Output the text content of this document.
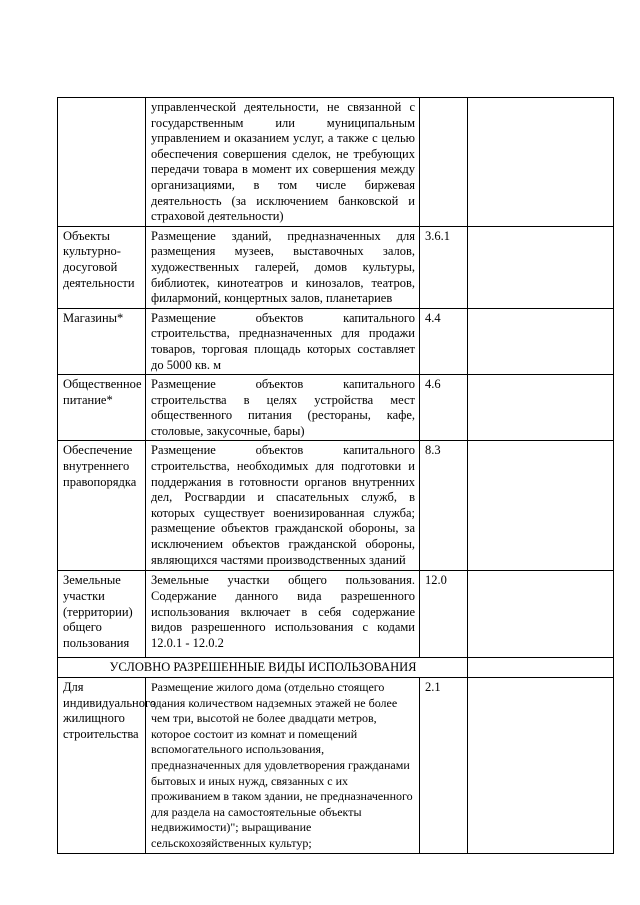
	управленческой деятельности, не связанной с государственным или муниципальным управлением и оказанием услуг, а также с целью обеспечения совершения сделок, не требующих передачи товара в момент их совершения между организациями, в том числе биржевая деятельность (за исключением банковской и страховой деятельности)		
Объекты культурно-досуговой деятельности	Размещение зданий, предназначенных для размещения музеев, выставочных залов, художественных галерей, домов культуры, библиотек, кинотеатров и кинозалов, театров, филармоний, концертных залов, планетариев	3.6.1	
Магазины*	Размещение объектов капитального строительства, предназначенных для продажи товаров, торговая площадь которых составляет до 5000 кв. м	4.4	
Общественное питание*	Размещение объектов капитального строительства в целях устройства мест общественного питания (рестораны, кафе, столовые, закусочные, бары)	4.6	
Обеспечение внутреннего правопорядка	Размещение объектов капитального строительства, необходимых для подготовки и поддержания в готовности органов внутренних дел, Росгвардии и спасательных служб, в которых существует военизированная служба; размещение объектов гражданской обороны, за исключением объектов гражданской обороны, являющихся частями производственных зданий	8.3	
Земельные участки (территории) общего пользования	Земельные участки общего пользования. Содержание данного вида разрешенного использования включает в себя содержание видов разрешенного использования с кодами 12.0.1 - 12.0.2	12.0	
УСЛОВНО РАЗРЕШЕННЫЕ ВИДЫ ИСПОЛЬЗОВАНИЯ			
Для индивидуального жилищного строительства	Размещение жилого дома (отдельно стоящего здания количеством надземных этажей не более чем три, высотой не более двадцати метров, которое состоит из комнат и помещений вспомогательного использования, предназначенных для удовлетворения гражданами бытовых и иных нужд, связанных с их проживанием в таком здании, не предназначенного для раздела на самостоятельные объекты недвижимости)"; выращивание сельскохозяйственных культур;	2.1	
